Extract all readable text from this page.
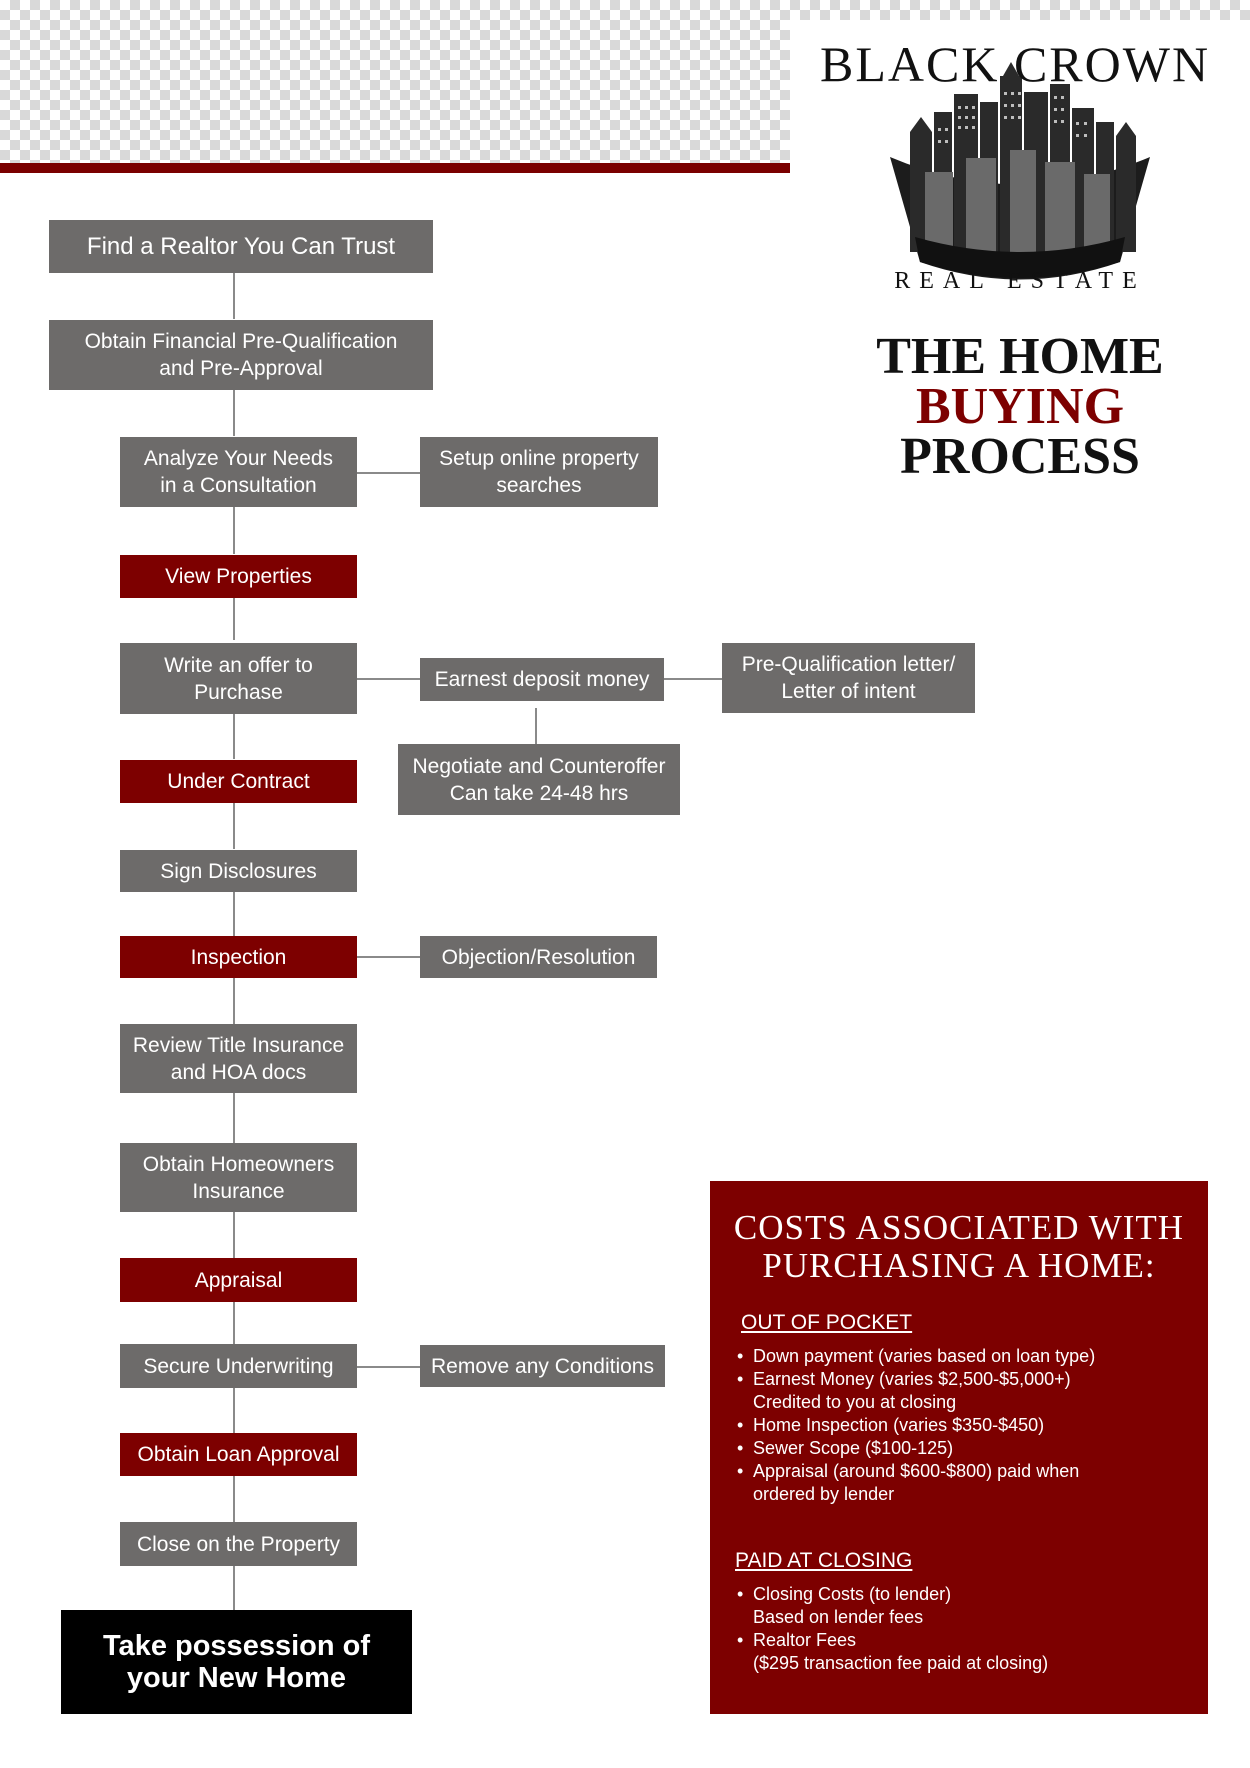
BLACK CROWN
REAL ESTATE
THE HOME
BUYING
PROCESS
Find a Realtor You Can Trust
Obtain Financial Pre-Qualification
and Pre-Approval
Analyze Your Needs
in a Consultation
Setup online property
searches
View Properties
Write an offer to
Purchase
Earnest deposit money
Pre-Qualification letter/
Letter of intent
Negotiate and Counteroffer
Can take 24-48 hrs
Under Contract
Sign Disclosures
Inspection	Objection/Resolution
Review Title Insurance
and HOA docs
Obtain Homeowners
Insurance
Appraisal
Secure Underwriting	Remove any Conditions
Obtain Loan Approval
Close on the Property
Take possession of
your New Home
COSTS ASSOCIATED WITH
PURCHASING A HOME:
OUT OF POCKET
• Down payment (varies based on loan type)
• Earnest Money (varies $2,500-$5,000+)
Credited to you at closing
• Home Inspection (varies $350-$450)
• Sewer Scope ($100-125)
• Appraisal (around $600-$800) paid when
ordered by lender
PAID AT CLOSING
• Closing Costs (to lender)
Based on lender fees
• Realtor Fees
($295 transaction fee paid at closing)
